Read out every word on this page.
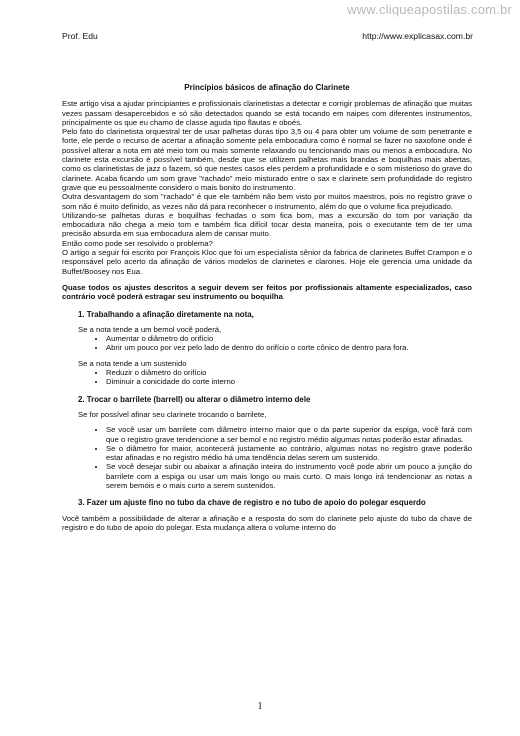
www.cliqueapostilas.com.br
Prof. Edu	http://www.explicasax.com.br
Princípios básicos de afinação do Clarinete

Este artigo visa a ajudar principiantes e profissionais clarinetistas a detectar e corrigir problemas de afinação que muitas vezes passam desapercebidos e só são detectados quando se está tocando em naipes com diferentes instrumentos, principalmente os que eu chamo de classe aguda tipo flautas e oboés.

Pelo fato do clarinetista orquestral ter de usar palhetas duras tipo 3,5 ou 4 para obter um volume de som penetrante e forte, ele perde o recurso de acertar a afinação somente pela embocadura como é normal se fazer no saxofone onde é possível alterar a nota em até meio tom ou mais somente relaxando ou tencionando mais ou menos a embocadura. No clarinete esta excursão é possível também, desde que se utilizem palhetas mais brandas e boquilhas mais abertas, como os clarinetistas de jazz o fazem, só que nestes casos eles perdem a profundidade e o som misterioso do grave do clarinete. Acaba ficando um som grave "rachado" meio misturado entre o sax e clarinete sem profundidade do registro grave que eu pessoalmente considero o mais bonito do instrumento.

Outra desvantagem do som "rachado" é que ele também não bem visto por muitos maestros, pois no registro grave o som não é muito definido, as vezes não dá para reconhecer o instrumento, além do que o volume fica prejudicado.

Utilizando-se palhetas duras e boquilhas fechadas o som fica bom, mas a excursão do tom por variação da embocadura não chega a meio tom e também fica difícil tocar desta maneira, pois o executante tem de ter uma precisão absurda em sua embocadura alem de cansar muito.

Então como pode ser resolvido o problema?

O artigo a seguir foi escrito por François Kloc que foi um especialista sênior da fabrica de clarinetes Buffet Crampon e o responsável pelo acerto da afinação de vários modelos de clarinetes e clarones. Hoje ele gerencia uma unidade da Buffet/Boosey nos Eua.

Quase todos os ajustes descritos a seguir devem ser feitos por profissionais altamente especializados, caso contrário você poderá estragar seu instrumento ou boquilha.

1. Trabalhando a afinação diretamente na nota,

Se a nota tende a um bemol você poderá,

• Aumentar o diâmetro do orifício
• Abrir um pouco por vez pelo lado de dentro do orifício o corte cônico de dentro para fora.

Se a nota tende a um sustenido

• Reduzir o diâmetro do orifício
• Diminuir a conicidade do corte interno
2. Trocar o barrilete (barrell) ou alterar o diâmetro interno dele

Se for possível afinar seu clarinete trocando o barrilete,

• Se você usar um barrilete com diâmetro interno maior que o da parte superior da espiga, você fará com que o registro grave tendencione a ser bemol e no registro médio algumas notas poderão estar afinadas.
• Se o diâmetro for maior, acontecerá justamente ao contrário, algumas notas no registro grave poderão estar afinadas e no registro médio há uma tendência delas serem um sustenido.
• Se você desejar subir ou abaixar a afinação inteira do instrumento você pode abrir um pouco a junção do barrilete com a espiga ou usar um mais longo ou mais curto. O mais longo irá tendencionar as notas a serem bemóis e o mais curto a serem sustenidos.
3. Fazer um ajuste fino no tubo da chave de registro e no tubo de apoio do polegar esquerdo

Você também a possibilidade de alterar a afinação e a resposta do som do clarinete pelo ajuste do tubo da chave de registro e do tubo de apoio do polegar. Esta mudança altera o volume interno do

1
